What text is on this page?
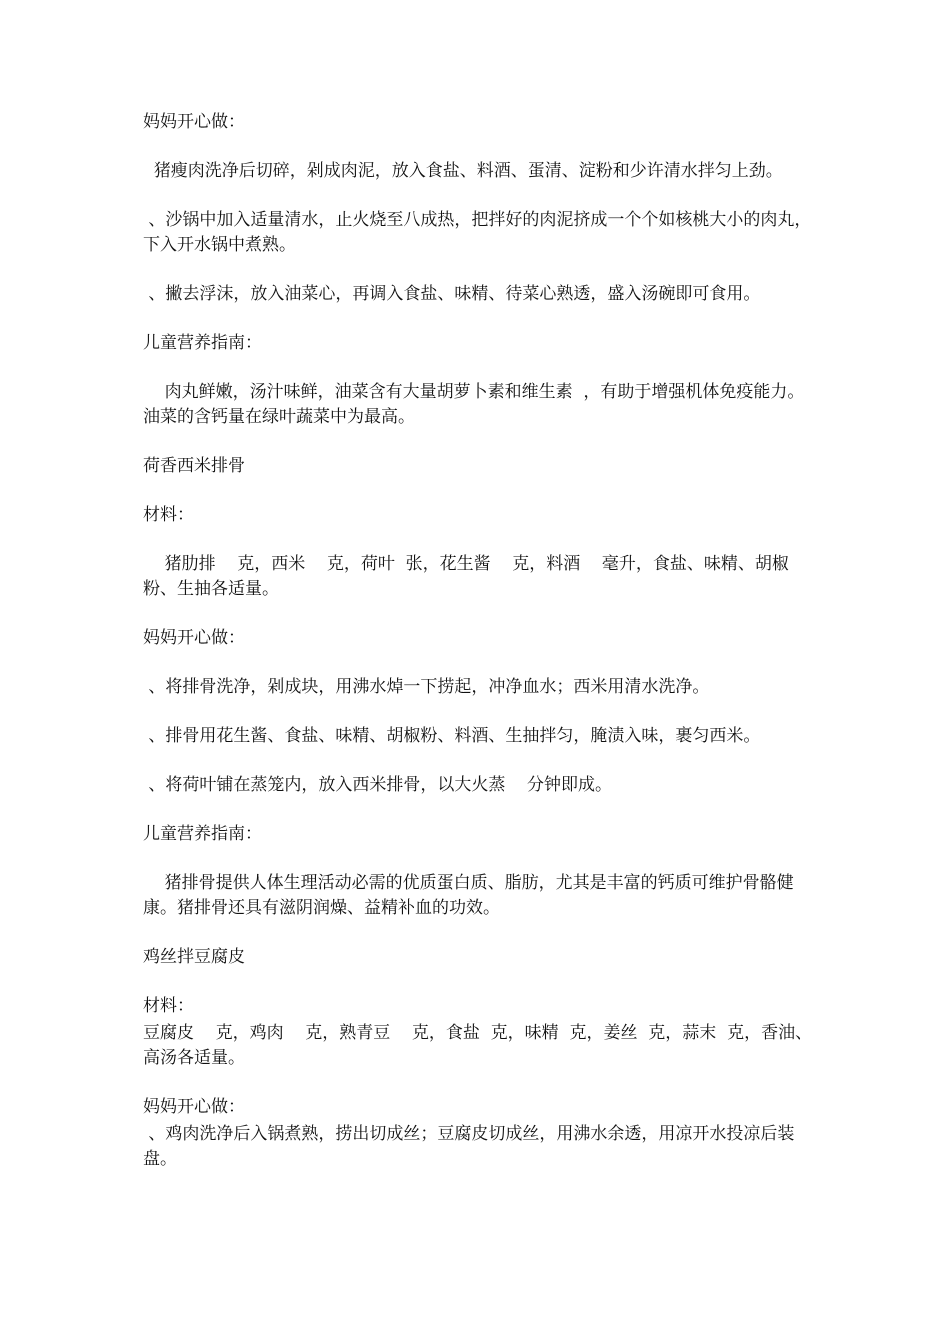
妈妈开心做：

猪瘦肉洗净后切碎，剁成肉泥，放入食盐、料酒、蛋清、淀粉和少许清水拌匀上劲。

、沙锅中加入适量清水，止火烧至八成热，把拌好的肉泥挤成一个个如核桃大小的肉丸，下入开水锅中煮熟。

、撇去浮沫，放入油菜心，再调入食盐、味精、待菜心熟透，盛入汤碗即可食用。

儿童营养指南：

肉丸鲜嫩，汤汁味鲜，油菜含有大量胡萝卜素和维生素  ，有助于增强机体免疫能力。油菜的含钙量在绿叶蔬菜中为最高。

荷香西米排骨

材料：

猪肋排    克，西米    克，荷叶  张，花生酱    克，料酒    毫升，食盐、味精、胡椒粉、生抽各适量。

妈妈开心做：

、将排骨洗净，剁成块，用沸水焯一下捞起，冲净血水；西米用清水洗净。

、排骨用花生酱、食盐、味精、胡椒粉、料酒、生抽拌匀，腌渍入味，裹匀西米。

、将荷叶铺在蒸笼内，放入西米排骨，以大火蒸    分钟即成。

儿童营养指南：

猪排骨提供人体生理活动必需的优质蛋白质、脂肪，尤其是丰富的钙质可维护骨骼健康。猪排骨还具有滋阴润燥、益精补血的功效。

鸡丝拌豆腐皮

材料：

豆腐皮    克，鸡肉    克，熟青豆    克，食盐  克，味精  克，姜丝  克，蒜末  克，香油、高汤各适量。

妈妈开心做：

、鸡肉洗净后入锅煮熟，捞出切成丝；豆腐皮切成丝，用沸水余透，用凉开水投凉后装盘。
